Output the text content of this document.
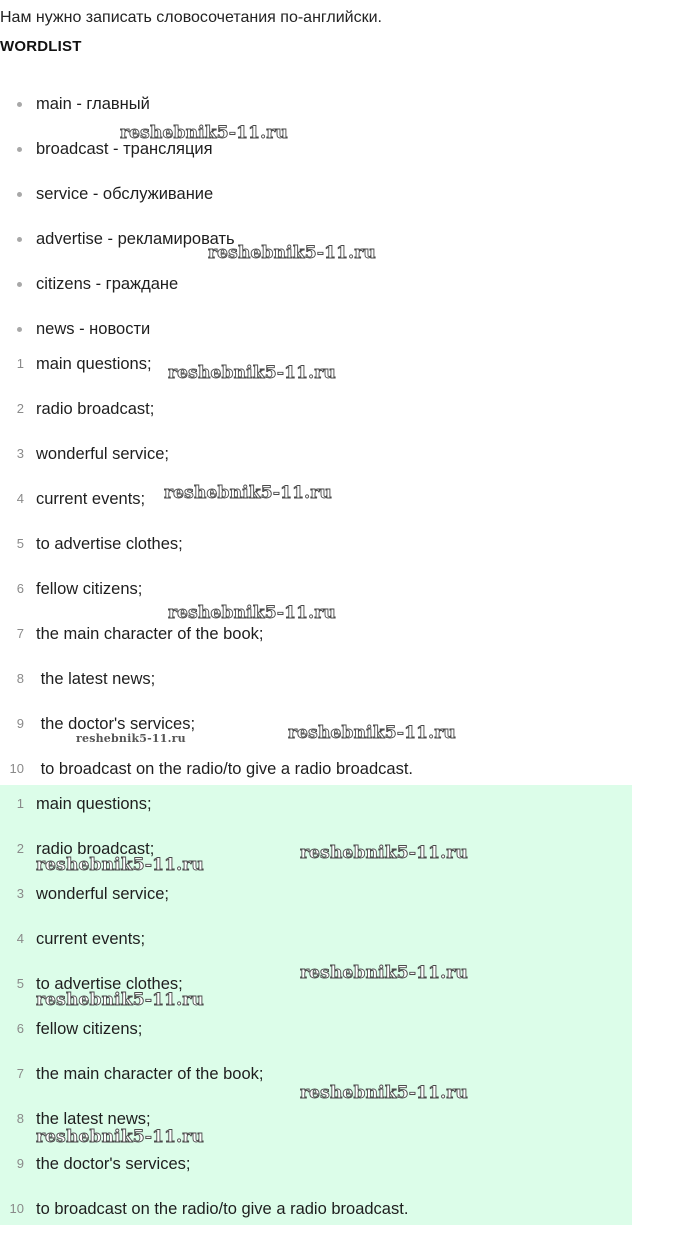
Нам нужно записать словосочетания по-английски.
WORDLIST
main - главный
broadcast - трансляция
service - обслуживание
advertise - рекламировать
citizens - граждане
news - новости
1 main questions;
2 radio broadcast;
3 wonderful service;
4 current events;
5 to advertise clothes;
6 fellow citizens;
7 the main character of the book;
8 the latest news;
9 the doctor's services;
10 to broadcast on the radio/to give a radio broadcast.
1 main questions;
2 radio broadcast;
3 wonderful service;
4 current events;
5 to advertise clothes;
6 fellow citizens;
7 the main character of the book;
8 the latest news;
9 the doctor's services;
10 to broadcast on the radio/to give a radio broadcast.
reshebnik5-11.ru
reshebnik5-11.ru
reshebnik5-11.ru
reshebnik5-11.ru
reshebnik5-11.ru
reshebnik5-11.ru	reshebnik5-11.ru
reshebnik5-11.ru
reshebnik5-11.ru
reshebnik5-11.ru
reshebnik5-11.ru
reshebnik5-11.ru
reshebnik5-11.ru
